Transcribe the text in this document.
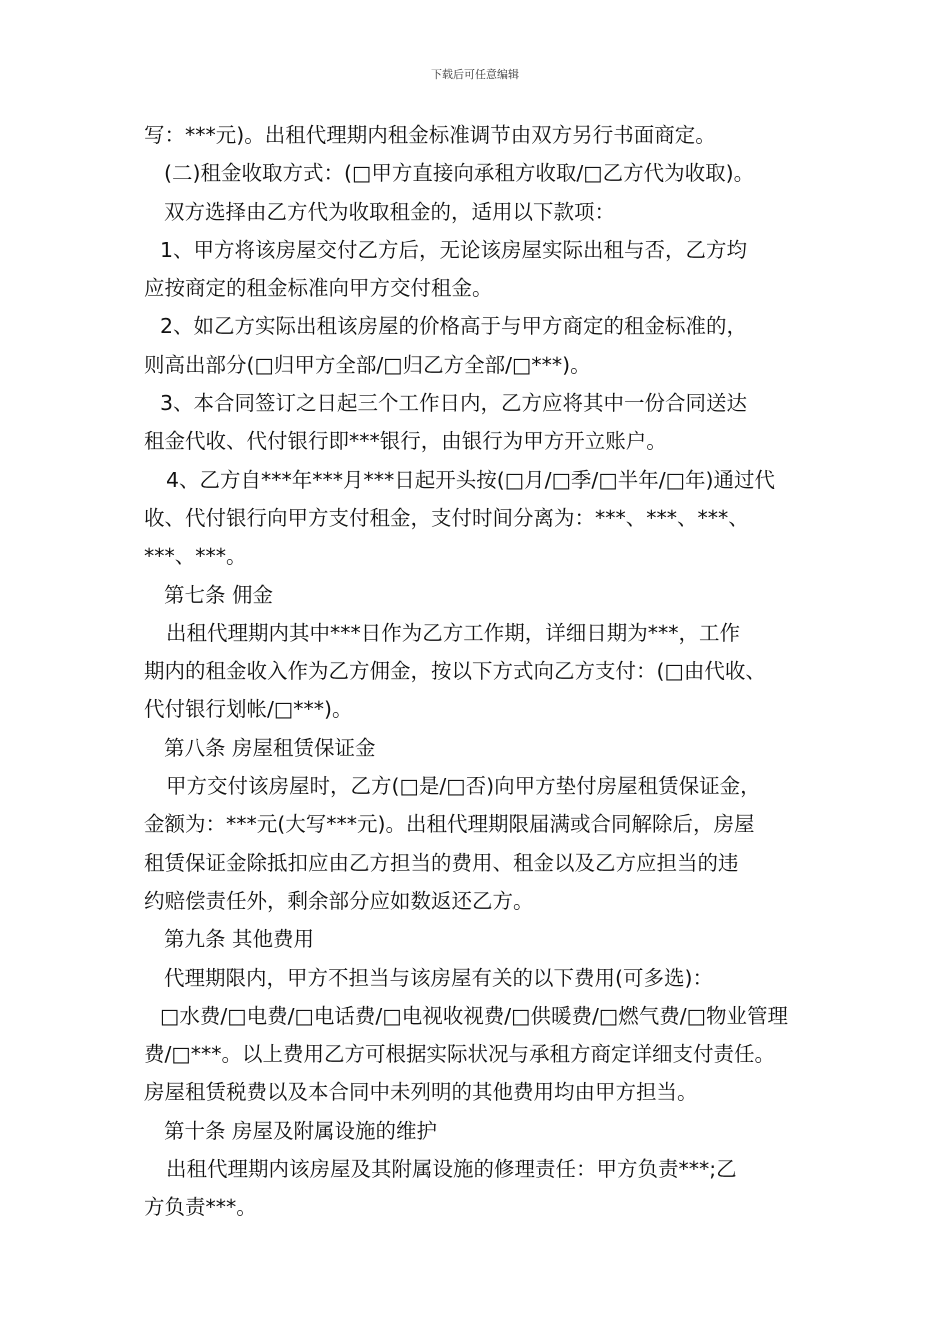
下载后可任意编辑
写：***元)。出租代理期内租金标准调节由双方另行书面商定。
(二)租金收取方式：(□甲方直接向承租方收取/□乙方代为收取)。
双方选择由乙方代为收取租金的，适用以下款项：
1、甲方将该房屋交付乙方后，无论该房屋实际出租与否，乙方均
应按商定的租金标准向甲方交付租金。
2、如乙方实际出租该房屋的价格高于与甲方商定的租金标准的，
则高出部分(□归甲方全部/□归乙方全部/□***)。
3、本合同签订之日起三个工作日内，乙方应将其中一份合同送达
租金代收、代付银行即***银行，由银行为甲方开立账户。
4、乙方自***年***月***日起开头按(□月/□季/□半年/□年)通过代
收、代付银行向甲方支付租金，支付时间分离为：***、***、***、
***、***。
第七条 佣金
出租代理期内其中***日作为乙方工作期，详细日期为***，工作
期内的租金收入作为乙方佣金，按以下方式向乙方支付：(□由代收、
代付银行划帐/□***)。
第八条 房屋租赁保证金
甲方交付该房屋时，乙方(□是/□否)向甲方垫付房屋租赁保证金，
金额为：***元(大写***元)。出租代理期限届满或合同解除后，房屋
租赁保证金除抵扣应由乙方担当的费用、租金以及乙方应担当的违
约赔偿责任外，剩余部分应如数返还乙方。
第九条 其他费用
代理期限内，甲方不担当与该房屋有关的以下费用(可多选)：
□水费/□电费/□电话费/□电视收视费/□供暖费/□燃气费/□物业管理
费/□***。以上费用乙方可根据实际状况与承租方商定详细支付责任。
房屋租赁税费以及本合同中未列明的其他费用均由甲方担当。
第十条 房屋及附属设施的维护
出租代理期内该房屋及其附属设施的修理责任：甲方负责***;乙
方负责***。
